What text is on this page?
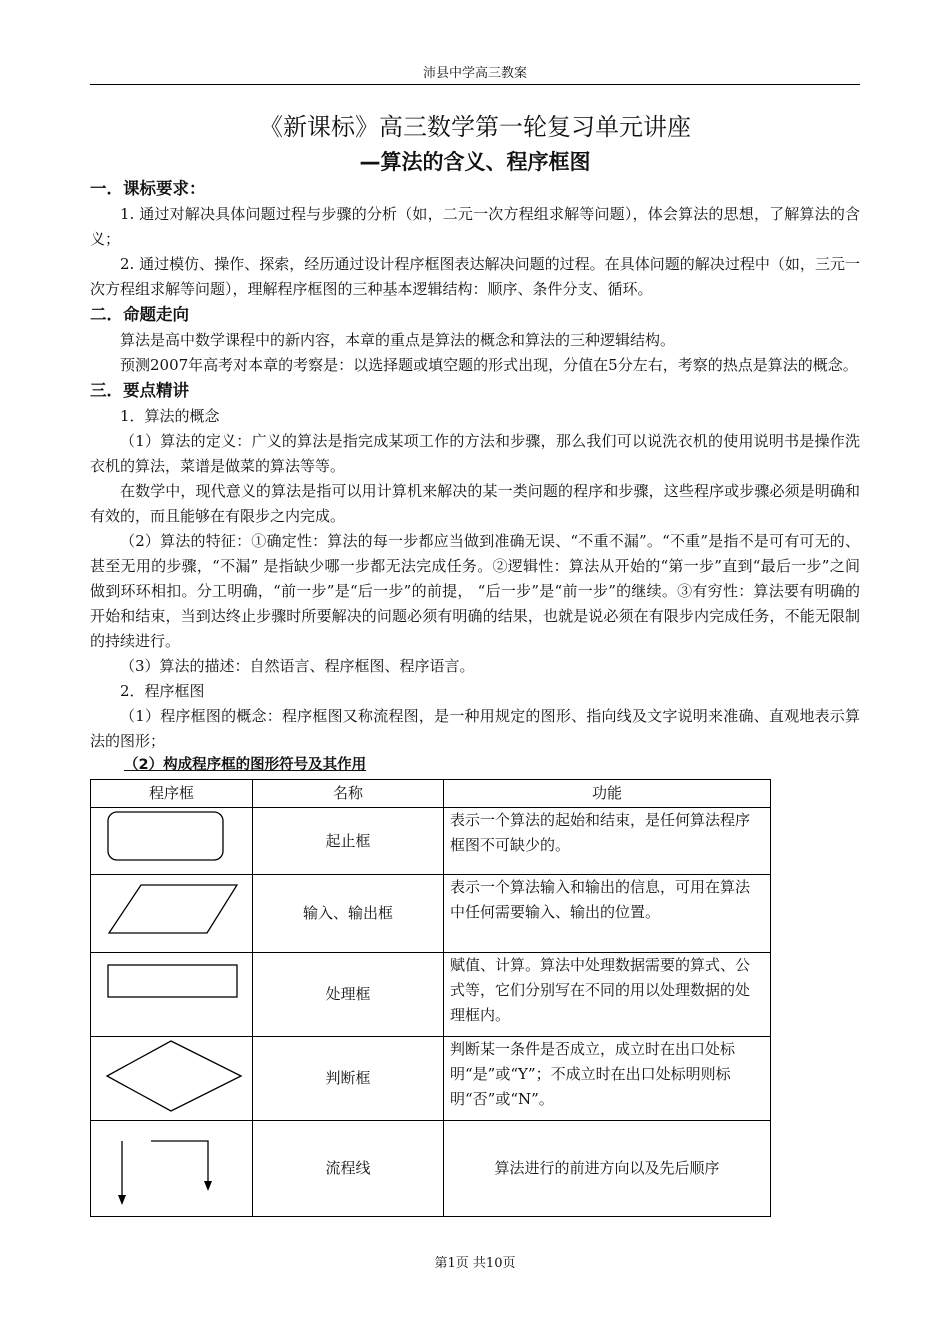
沛县中学高三教案
《新课标》高三数学第一轮复习单元讲座
—算法的含义、程序框图
一．课标要求：
1. 通过对解决具体问题过程与步骤的分析（如，二元一次方程组求解等问题），体会算法的思想，了解算法的含义；
2. 通过模仿、操作、探索，经历通过设计程序框图表达解决问题的过程。在具体问题的解决过程中（如，三元一次方程组求解等问题），理解程序框图的三种基本逻辑结构：顺序、条件分支、循环。
二．命题走向
算法是高中数学课程中的新内容，本章的重点是算法的概念和算法的三种逻辑结构。
预测2007年高考对本章的考察是：以选择题或填空题的形式出现，分值在5分左右，考察的热点是算法的概念。
三．要点精讲
1．算法的概念
（1）算法的定义：广义的算法是指完成某项工作的方法和步骤，那么我们可以说洗衣机的使用说明书是操作洗衣机的算法，菜谱是做菜的算法等等。
在数学中，现代意义的算法是指可以用计算机来解决的某一类问题的程序和步骤，这些程序或步骤必须是明确和有效的，而且能够在有限步之内完成。
（2）算法的特征：①确定性：算法的每一步都应当做到准确无误、“不重不漏”。“不重”是指不是可有可无的、甚至无用的步骤，“不漏” 是指缺少哪一步都无法完成任务。②逻辑性：算法从开始的“第一步”直到“最后一步”之间做到环环相扣。分工明确，“前一步”是“后一步”的前提， “后一步”是“前一步”的继续。③有穷性：算法要有明确的开始和结束，当到达终止步骤时所要解决的问题必须有明确的结果，也就是说必须在有限步内完成任务，不能无限制的持续进行。
（3）算法的描述：自然语言、程序框图、程序语言。
2．程序框图
（1）程序框图的概念：程序框图又称流程图，是一种用规定的图形、指向线及文字说明来准确、直观地表示算法的图形；
（2）构成程序框的图形符号及其作用
程序框	名称	功能
	起止框	表示一个算法的起始和结束，是任何算法程序框图不可缺少的。
	输入、输出框	表示一个算法输入和输出的信息，可用在算法中任何需要输入、输出的位置。
	处理框	赋值、计算。算法中处理数据需要的算式、公式等，它们分别写在不同的用以处理数据的处理框内。
	判断框	判断某一条件是否成立，成立时在出口处标明“是”或“Y”；不成立时在出口处标明则标明“否”或“N”。
	流程线	算法进行的前进方向以及先后顺序
第1页 共10页
